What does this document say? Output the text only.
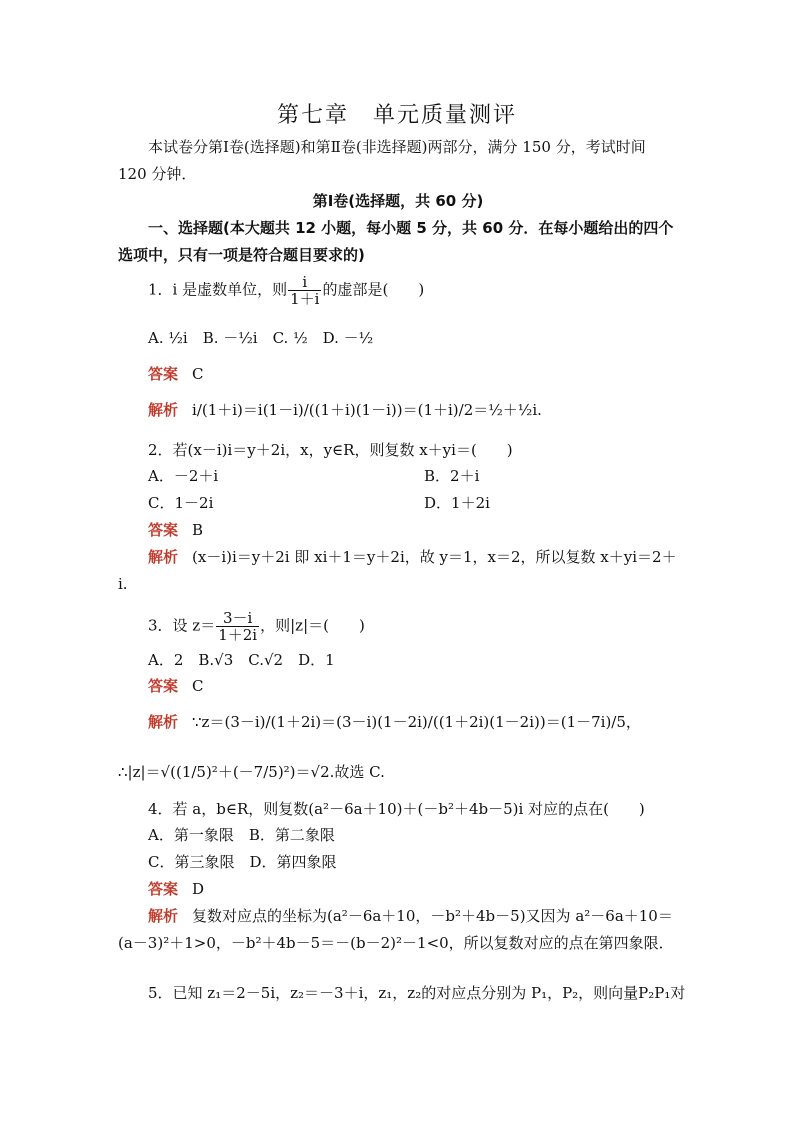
第七章　单元质量测评
本试卷分第Ⅰ卷(选择题)和第Ⅱ卷(非选择题)两部分，满分 150 分，考试时间
120 分钟．
第Ⅰ卷(选择题，共 60 分)
一、选择题(本大题共 12 小题，每小题 5 分，共 60 分．在每小题给出的四个
选项中，只有一项是符合题目要求的)
1．i 是虚数单位，则 $\frac{i}{1+i}$ 的虚部是(　　)
A. ½i　B. －½i　C. ½　D. －½
答案 C
解析 i/(1＋i)＝i(1－i)/((1＋i)(1－i))＝(1＋i)/2＝½＋½i.
2．若(x－i)i＝y＋2i，x，y∈R，则复数 x＋yi＝(　　)
A．－2＋i	B．2＋i
C．1－2i	D．1＋2i
答案 B
解析 (x－i)i＝y＋2i 即 xi＋1＝y＋2i，故 y＝1，x＝2，所以复数 x＋yi＝2＋
i.
3．设 $z= \frac{3-i}{1+2i}$ ，则|z|＝(　　)
A．2　B.√3　C.√2　D．1
答案 C
解析 ∵z＝(3－i)/(1＋2i)＝(3－i)(1－2i)/((1＋2i)(1－2i))＝(1－7i)/5，
∴|z|＝√((1/5)²＋(－7/5)²)＝√2.故选 C.
4．若 a，b∈R，则复数(a²－6a＋10)＋(－b²＋4b－5)i 对应的点在(　　)
A．第一象限　B．第二象限
C．第三象限　D．第四象限
答案 D
解析 复数对应点的坐标为(a²－6a＋10，－b²＋4b－5)又因为 a²－6a＋10＝
(a－3)²＋1>0，－b²＋4b－5＝－(b－2)²－1<0，所以复数对应的点在第四象限．
5．已知 z₁＝2－5i，z₂＝－3＋i，z₁，z₂的对应点分别为 P₁，P₂，则向量P₂P₁对
